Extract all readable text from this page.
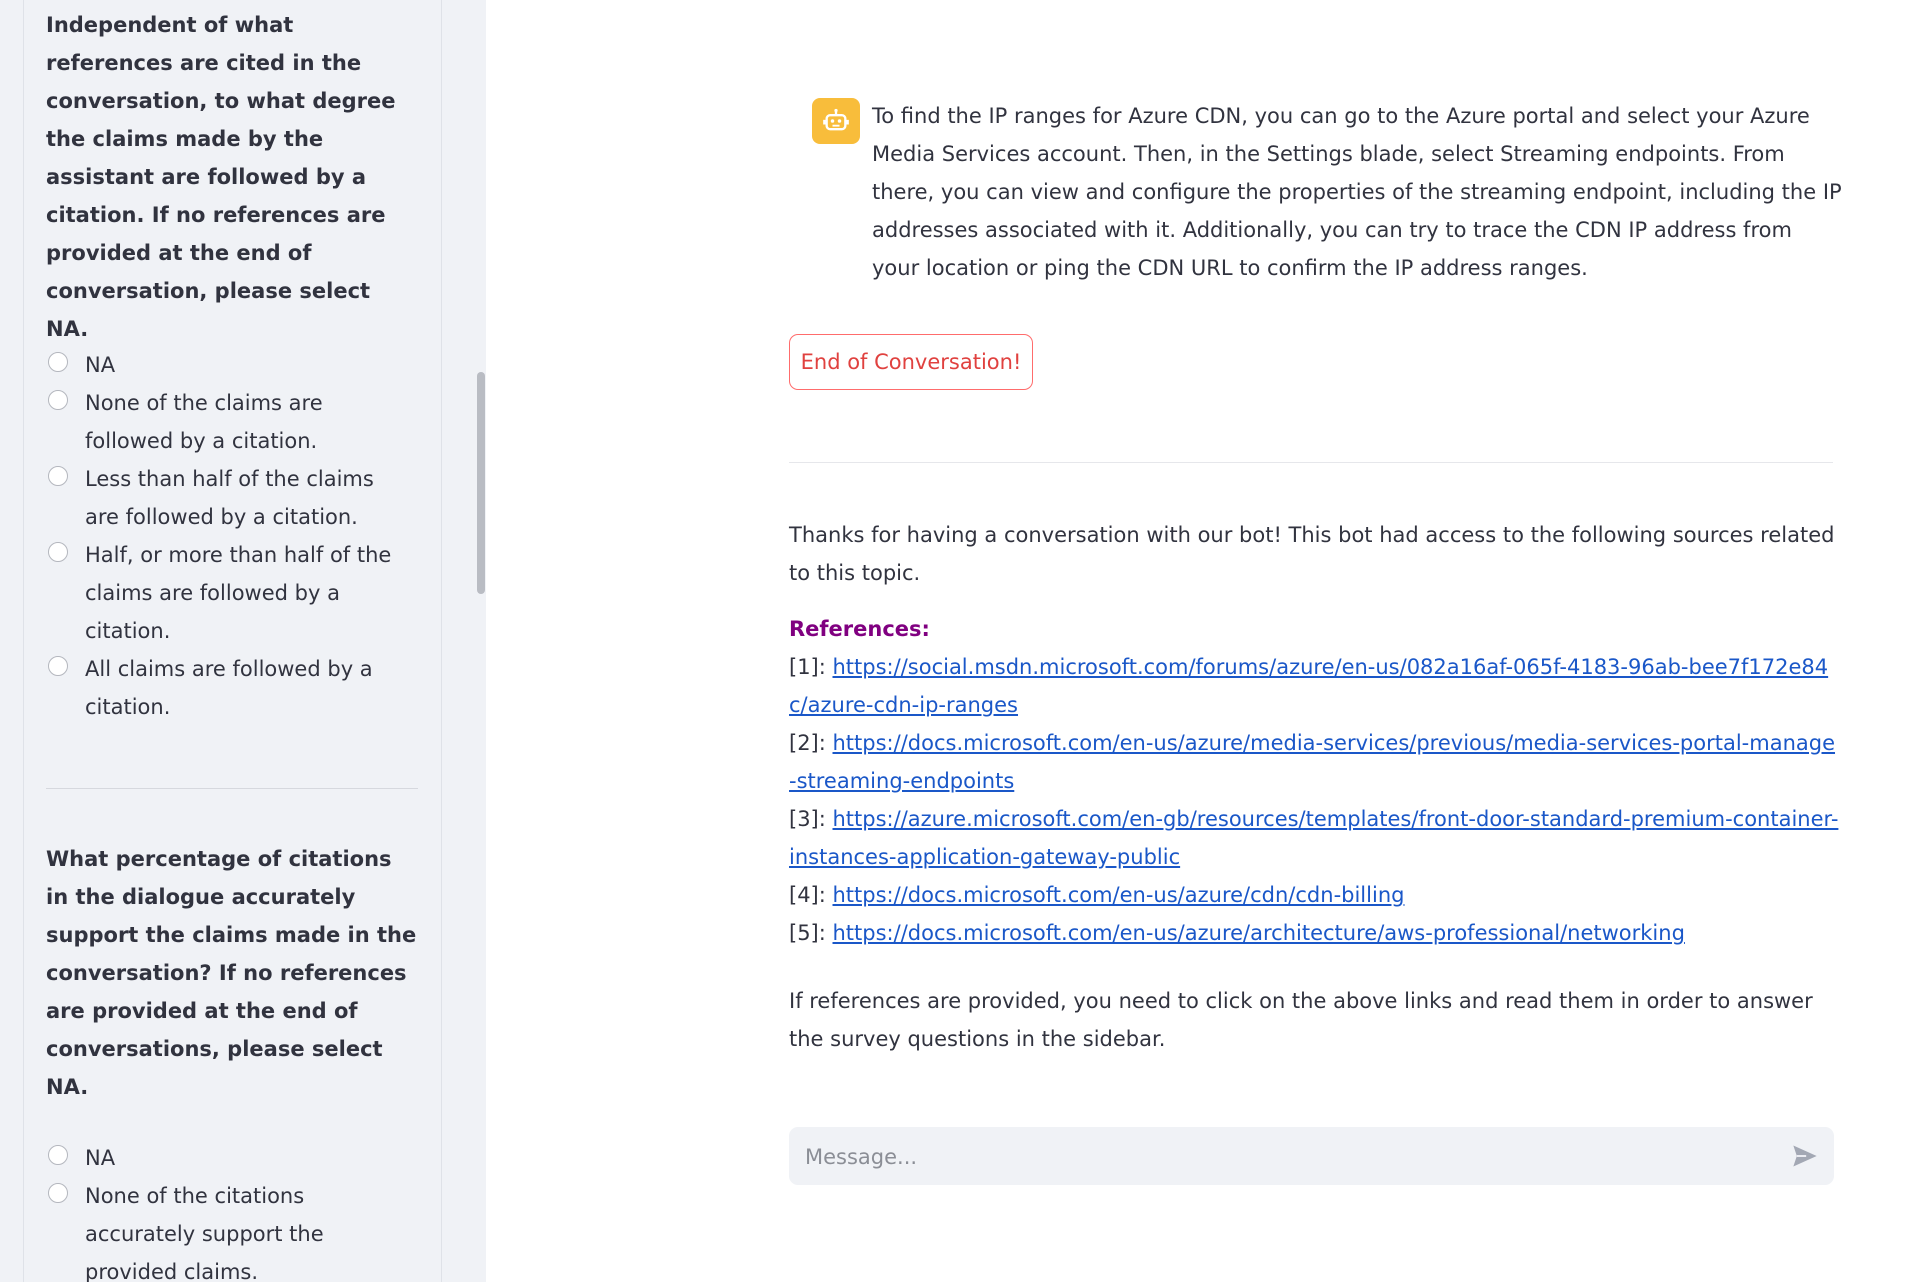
Independent of what references are cited in the conversation, to what degree the claims made by the assistant are followed by a citation. If no references are provided at the end of conversation, please select NA.
NA
None of the claims are followed by a citation.
Less than half of the claims are followed by a citation.
Half, or more than half of the claims are followed by a citation.
All claims are followed by a citation.
What percentage of citations in the dialogue accurately support the claims made in the conversation? If no references are provided at the end of conversations, please select NA.
NA
None of the citations accurately support the provided claims.
To find the IP ranges for Azure CDN, you can go to the Azure portal and select your Azure Media Services account. Then, in the Settings blade, select Streaming endpoints. From there, you can view and configure the properties of the streaming endpoint, including the IP addresses associated with it. Additionally, you can try to trace the CDN IP address from your location or ping the CDN URL to confirm the IP address ranges.
End of Conversation!
Thanks for having a conversation with our bot! This bot had access to the following sources related to this topic.
References:
[1]: https://social.msdn.microsoft.com/forums/azure/en-us/082a16af-065f-4183-96ab-bee7f172e84c/azure-cdn-ip-ranges
[2]: https://docs.microsoft.com/en-us/azure/media-services/previous/media-services-portal-manage-streaming-endpoints
[3]: https://azure.microsoft.com/en-gb/resources/templates/front-door-standard-premium-container-instances-application-gateway-public
[4]: https://docs.microsoft.com/en-us/azure/cdn/cdn-billing
[5]: https://docs.microsoft.com/en-us/azure/architecture/aws-professional/networking
If references are provided, you need to click on the above links and read them in order to answer the survey questions in the sidebar.
Message...
